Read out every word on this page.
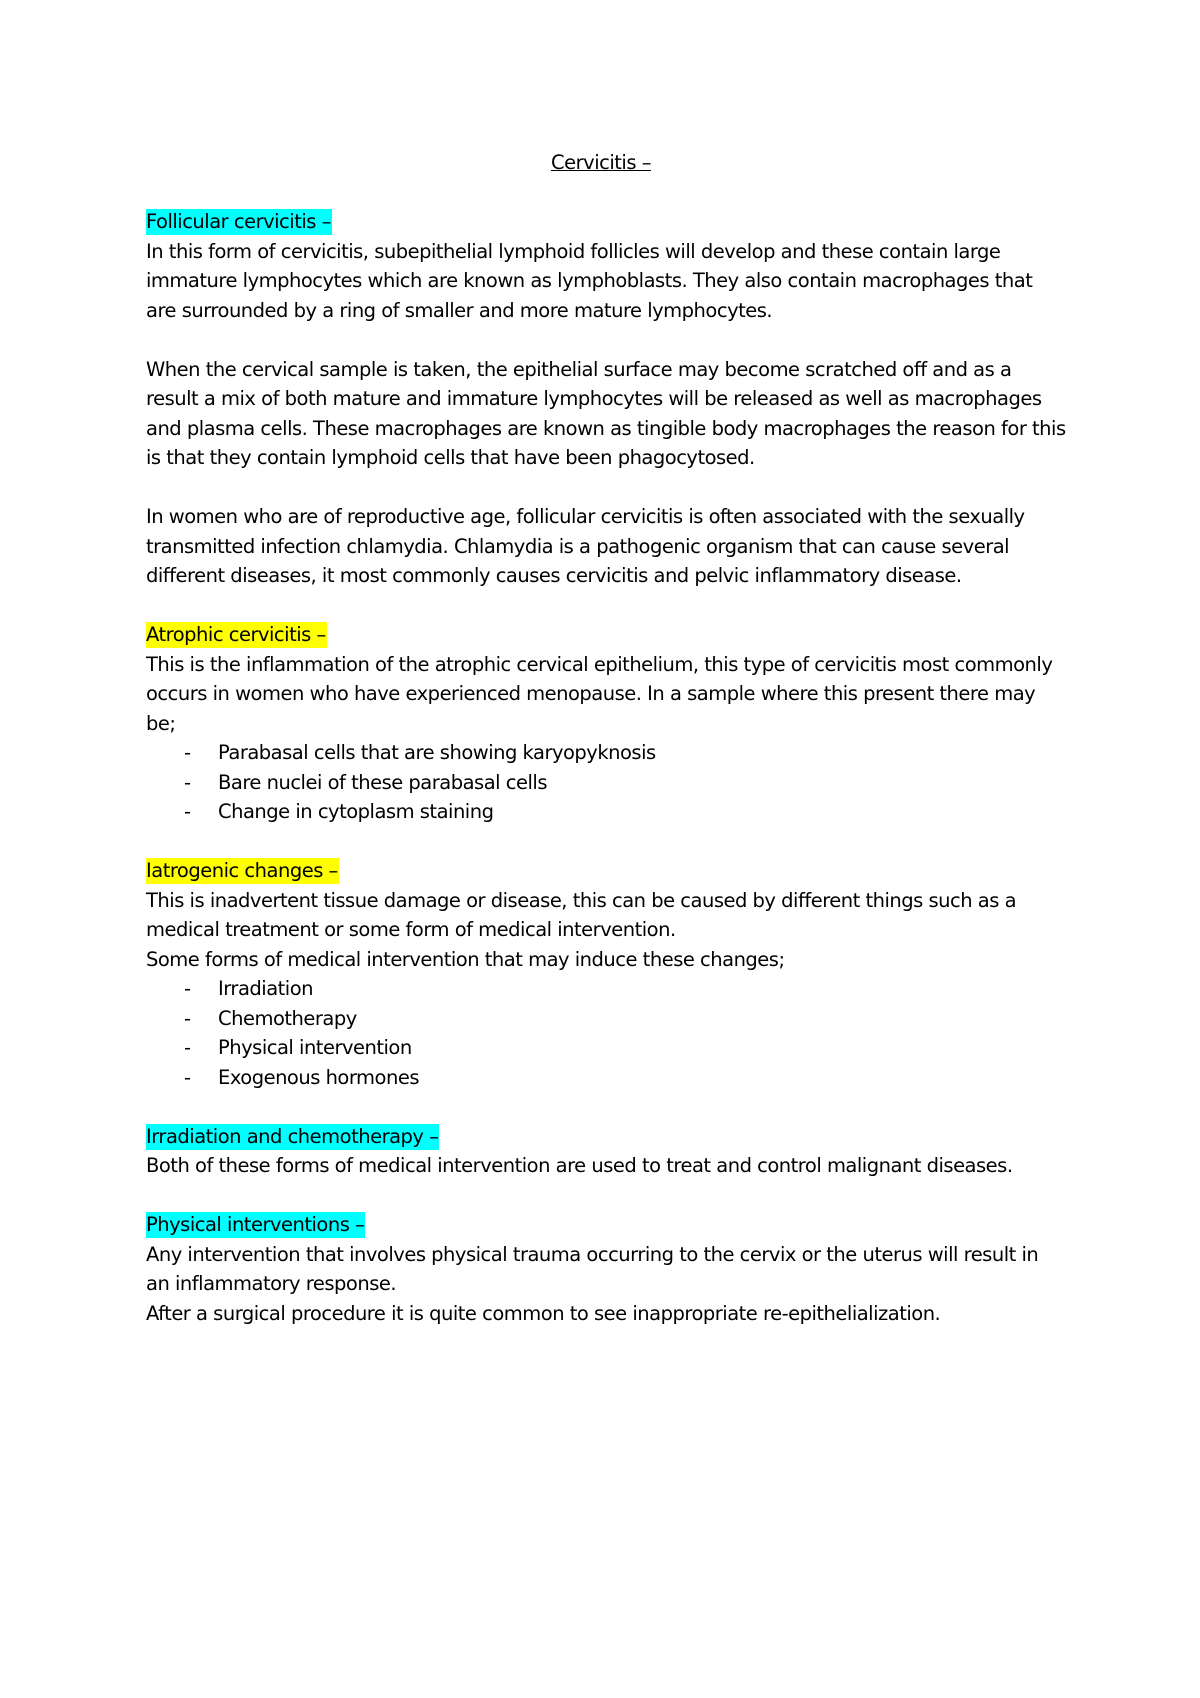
Cervicitis –
Follicular cervicitis –

In this form of cervicitis, subepithelial lymphoid follicles will develop and these contain large immature lymphocytes which are known as lymphoblasts. They also contain macrophages that are surrounded by a ring of smaller and more mature lymphocytes.

When the cervical sample is taken, the epithelial surface may become scratched off and as a result a mix of both mature and immature lymphocytes will be released as well as macrophages and plasma cells. These macrophages are known as tingible body macrophages the reason for this is that they contain lymphoid cells that have been phagocytosed.

In women who are of reproductive age, follicular cervicitis is often associated with the sexually transmitted infection chlamydia. Chlamydia is a pathogenic organism that can cause several different diseases, it most commonly causes cervicitis and pelvic inflammatory disease.

Atrophic cervicitis –

This is the inflammation of the atrophic cervical epithelium, this type of cervicitis most commonly occurs in women who have experienced menopause. In a sample where this present there may be;

- Parabasal cells that are showing karyopyknosis
- Bare nuclei of these parabasal cells
- Change in cytoplasm staining
Iatrogenic changes –

This is inadvertent tissue damage or disease, this can be caused by different things such as a medical treatment or some form of medical intervention.

Some forms of medical intervention that may induce these changes;

- Irradiation
- Chemotherapy
- Physical intervention
- Exogenous hormones
Irradiation and chemotherapy –

Both of these forms of medical intervention are used to treat and control malignant diseases.

Physical interventions –

Any intervention that involves physical trauma occurring to the cervix or the uterus will result in an inflammatory response.

After a surgical procedure it is quite common to see inappropriate re-epithelialization.
